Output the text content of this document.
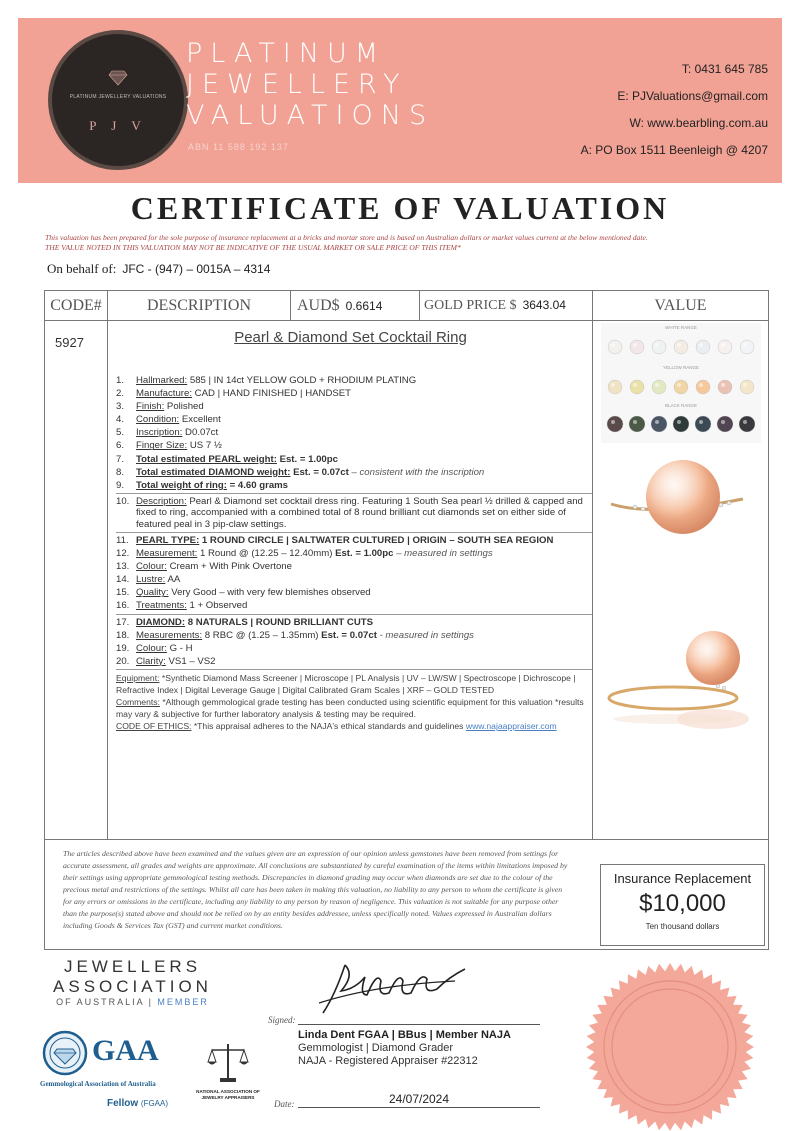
PLATINUM JEWELLERY VALUATIONS
P J V
PLATINUM
JEWELLERY
VALUATIONS
ABN 11 588 192 137
T: 0431 645 785
E: PJValuations@gmail.com
W: www.bearbling.com.au
A: PO Box 1511 Beenleigh @ 4207
CERTIFICATE OF VALUATION
This valuation has been prepared for the sole purpose of insurance replacement at a bricks and mortar store and is based on Australian dollars or market values current at the below mentioned date.
THE VALUE NOTED IN THIS VALUATION MAY NOT BE INDICATIVE OF THE USUAL MARKET OR SALE PRICE OF THIS ITEM*
On behalf of: JFC - (947) – 0015A – 4314
CODE#	DESCRIPTION	AUD$ 0.6614	GOLD PRICE $ 3643.04	VALUE
5927	Pearl & Diamond Set Cocktail Ring
1.	Hallmarked: 585 | IN 14ct YELLOW GOLD + RHODIUM PLATING
2.	Manufacture: CAD | HAND FINISHED | HANDSET
3.	Finish: Polished
4.	Condition: Excellent
5.	Inscription: D0.07ct
6.	Finger Size: US 7 ½
7.	Total estimated PEARL weight: Est. = 1.00pc
8.	Total estimated DIAMOND weight: Est. = 0.07ct – consistent with the inscription
9.	Total weight of ring: = 4.60 grams
10. Description: Pearl & Diamond set cocktail dress ring. Featuring 1 South Sea pearl ½ drilled & capped and fixed to ring, accompanied with a combined total of 8 round brilliant cut diamonds set on either side of featured peal in 3 pip-claw settings.
11. PEARL TYPE: 1 ROUND CIRCLE | SALTWATER CULTURED | ORIGIN – SOUTH SEA REGION
12. Measurement: 1 Round @ (12.25 – 12.40mm) Est. = 1.00pc – measured in settings
13. Colour: Cream + With Pink Overtone
14. Lustre: AA
15. Quality: Very Good – with very few blemishes observed
16. Treatments: 1 + Observed
17. DIAMOND: 8 NATURALS | ROUND BRILLIANT CUTS
18. Measurements: 8 RBC @ (1.25 – 1.35mm) Est. = 0.07ct - measured in settings
19. Colour: G - H
20. Clarity: VS1 – VS2
Equipment: *Synthetic Diamond Mass Screener | Microscope | PL Analysis | UV – LW/SW | Spectroscope | Dichroscope | Refractive Index | Digital Leverage Gauge | Digital Calibrated Gram Scales | XRF – GOLD TESTED
Comments: *Although gemmological grade testing has been conducted using scientific equipment for this valuation *results may vary & subjective for further laboratory analysis & testing may be required.
CODE OF ETHICS: *This appraisal adheres to the NAJA's ethical standards and guidelines www.najaappraiser.com
WHITE RANGE
YELLOW RANGE
BLACK RANGE
The articles described above have been examined and the values given are an expression of our opinion unless gemstones have been removed from settings for accurate assessment, all grades and weights are approximate. All conclusions are substantiated by careful examination of the items within limitations imposed by their settings using appropriate gemmological testing methods. Discrepancies in diamond grading may occur when diamonds are set due to the colour of the precious metal and restrictions of the settings. Whilst all care has been taken in making this valuation, no liability to any person to whom the certificate is given for any errors or omissions in the certificate, including any liability to any person by reason of negligence. This valuation is not suitable for any purpose other than the purpose(s) stated above and should not be relied on by an entity besides addressee, unless specifically noted. Values expressed in Australian dollars including Goods & Services Tax (GST) and current market conditions.
Insurance Replacement
$10,000
Ten thousand dollars
JEWELLERS
ASSOCIATION
OF AUSTRALIA | MEMBER
GAA
Gemmological Association of Australia
Fellow (FGAA)
NATIONAL ASSOCIATION OF JEWELRY APPRAISERS
Signed:
Linda Dent FGAA | BBus | Member NAJA
Gemmologist | Diamond Grader
NAJA - Registered Appraiser #22312
Date:	24/07/2024
